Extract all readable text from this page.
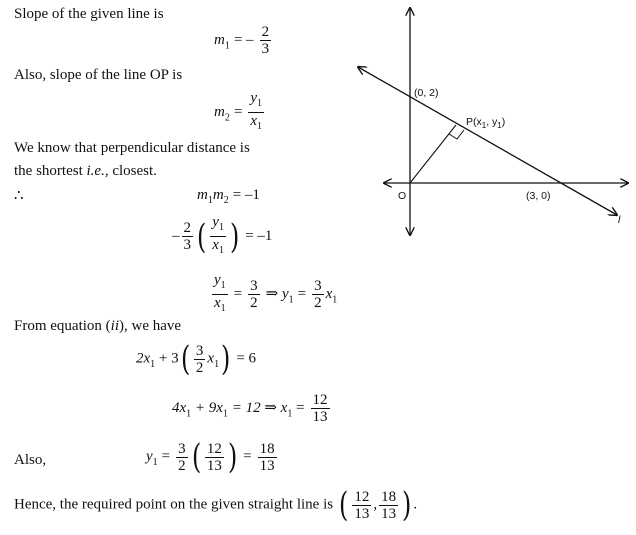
Slope of the given line is
$m_1$ = – $\frac{2}{3}$
Also, slope of the line OP is
$m_2 = \frac{y_1}{x_1}$
We know that perpendicular distance is
the shortest i.e., closest.
∴	$m_1m_2 = -1$
– $\frac{2}{3}$ ( $\frac{y_1}{x_1}$ ) = –1
$\frac{y_1}{x_1} = \frac{3}{2}$ ⇒ $y_1 = \frac{3}{2} x_1$
From equation (ii), we have
$2x_1 + 3( \frac{3}{2} x_1) = 6$
$4x_1 + 9x_1 = 12$ ⇒ $x_1 = \frac{12}{13}$
Also,	$y_1 = \frac{3}{2}$ ( $\frac{12}{13}$ ) = $\frac{18}{13}$
Hence, the required point on the given straight line is ( $\frac{12}{13}$ , $\frac{18}{13}$ ) .
(0, 2)
$P(x_1$, $y_1$)
(3, 0)
O
l
